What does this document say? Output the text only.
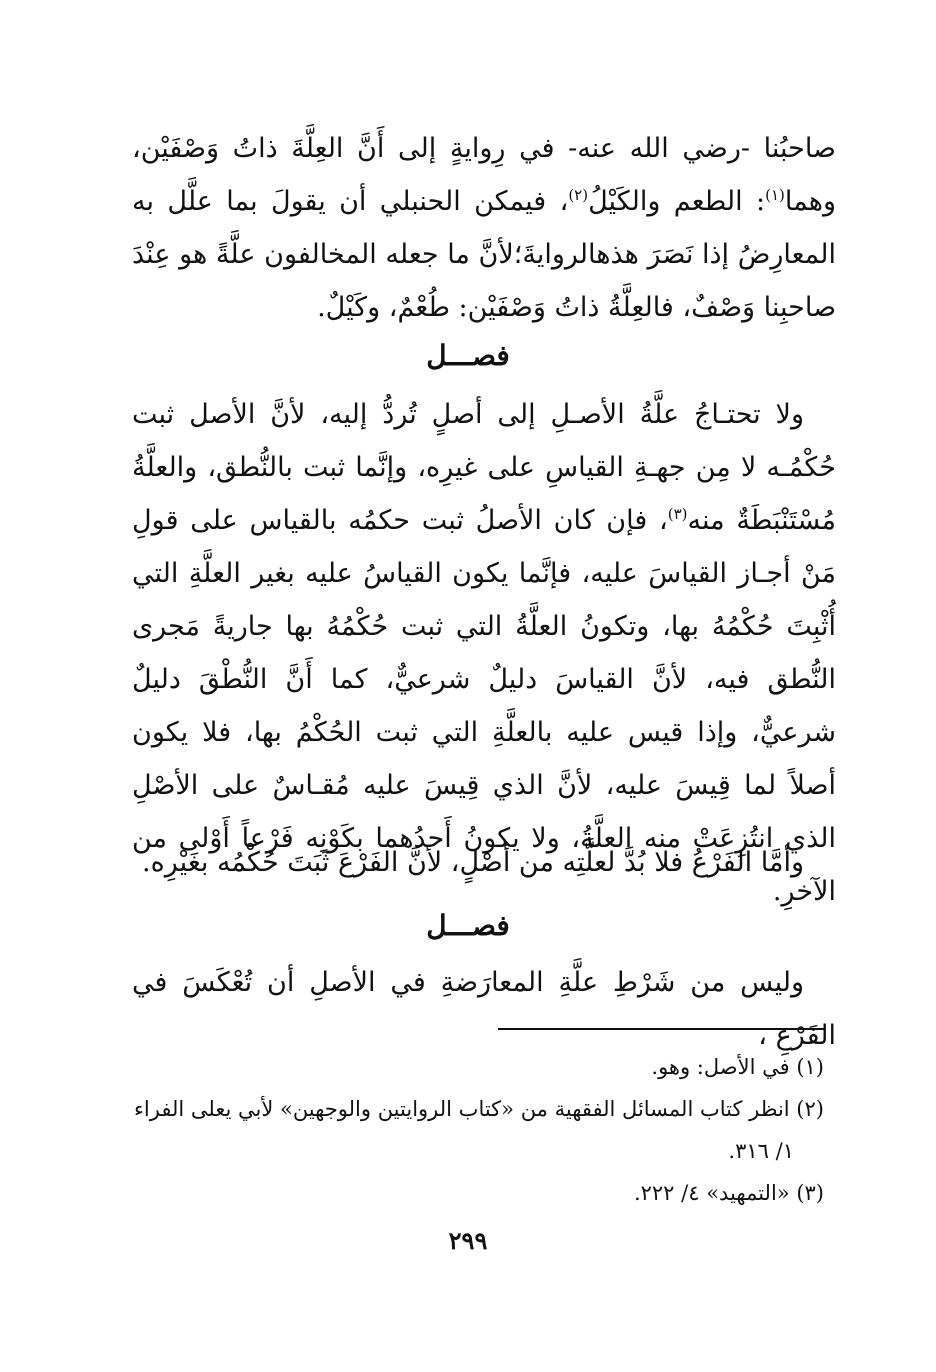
صاحبُنا -رضي الله عنه- في رِوايةٍ إلى أَنَّ العِلَّةَ ذاتُ وَصْفَيْن، وهما$^{(١)}$: الطعم والكَيْلُ$^{(٢)}$، فيمكن الحنبلي أن يقولَ بما علَّل به المعارِضُ إذا نَصَرَ هذهالروايةَ؛لأنَّ ما جعله المخالفون علَّةً هو عِنْدَ صاحبِنا وَصْفٌ، فالعِلَّةُ ذاتُ وَصْفَيْن: طُعْمٌ، وكَيْلٌ.
فصـــل
ولا تحتـاجُ علَّةُ الأصـلِ إلى أصلٍ تُردُّ إليه، لأنَّ الأصل ثبت حُكْمُـه لا مِن جهـةِ القياسِ على غيرِه، وإنَّما ثبت بالنُّطق، والعلَّةُ مُسْتَنْبَطَةٌ منه$^{(٣)}$، فإن كان الأصلُ ثبت حكمُه بالقياس على قولِ مَنْ أجـاز القياسَ عليه، فإنَّما يكون القياسُ عليه بغير العلَّةِ التي أُثْبِتَ حُكْمُهُ بها، وتكونُ العلَّةُ التي ثبت حُكْمُهُ بها جاريةً مَجرى النُّطق فيه، لأنَّ القياسَ دليلٌ شرعيٌّ، كما أَنَّ النُّطْقَ دليلٌ شرعيٌّ، وإذا قيس عليه بالعلَّةِ التي ثبت الحُكْمُ بها، فلا يكون أصلاً لما قِيسَ عليه، لأنَّ الذي قِيسَ عليه مُقـاسٌ على الأصْلِ الذي انتُزِعَتْ منه العلَّةُ، ولا يكونُ أَحدُهما بكَوْنِه فَرْعاً أَوْلى من الآخرِ.
وأمَّا الفَرْعُ فلا بُدَّ لعلَّتِه من أصْلٍ، لأنَّ الفَرْعَ ثَبَتَ حُكْمُه بغَيْرِه.
فصـــل
وليس من شَرْطِ علَّةِ المعارَضةِ في الأصلِ أن تُعْكَسَ في الفَرْعِ ،
(١) في الأصل: وهو.
(٢) انظر كتاب المسائل الفقهية من «كتاب الروايتين والوجهين» لأبي يعلى الفراء
١/ ٣١٦.
(٣) «التمهيد» ٤/ ٢٢٢.
٢٩٩
